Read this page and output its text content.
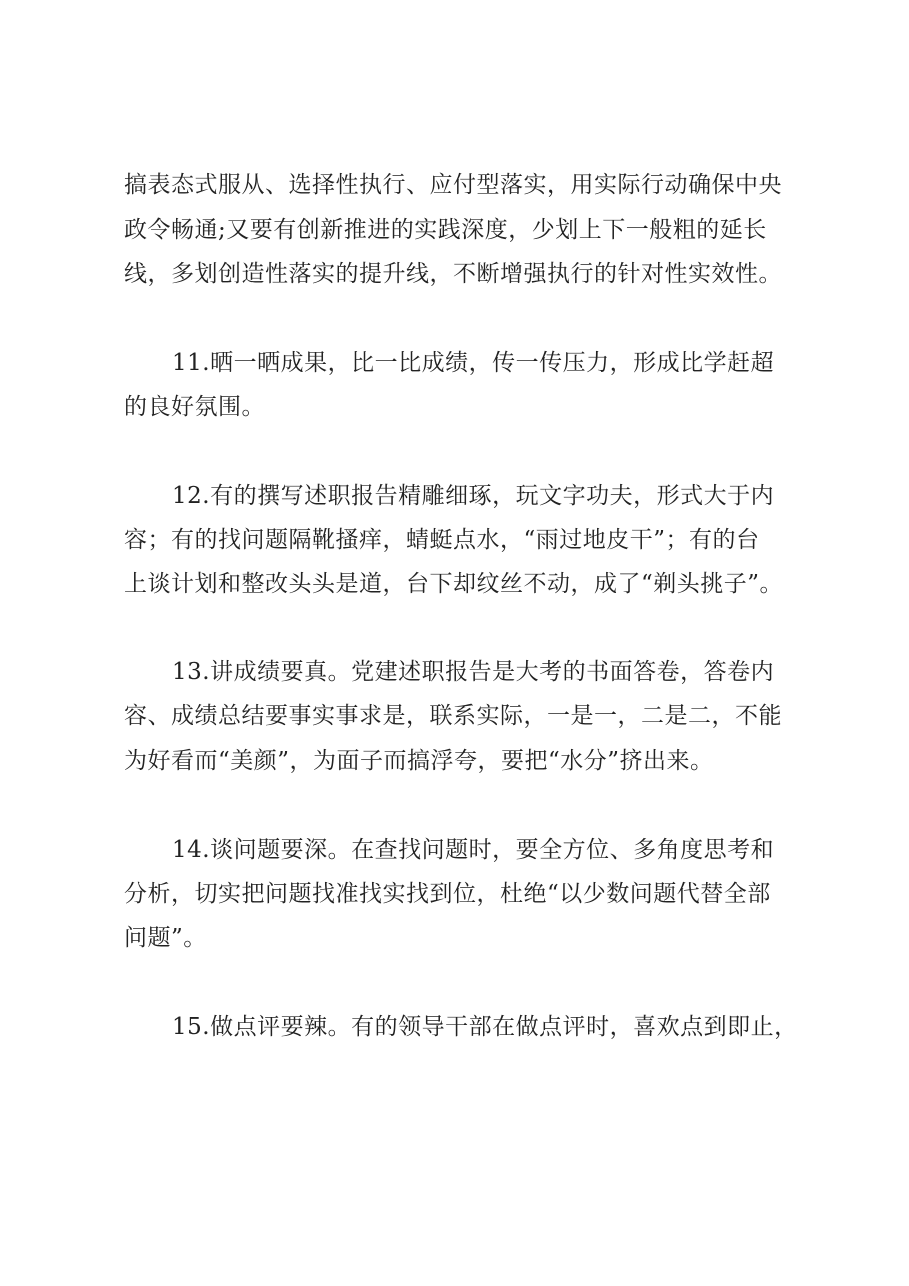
搞表态式服从、选择性执行、应付型落实，用实际行动确保中央
政令畅通;又要有创新推进的实践深度，少划上下一般粗的延长
线，多划创造性落实的提升线，不断增强执行的针对性实效性。
11.晒一晒成果，比一比成绩，传一传压力，形成比学赶超
的良好氛围。
12.有的撰写述职报告精雕细琢，玩文字功夫，形式大于内
容；有的找问题隔靴搔痒，蜻蜓点水，“雨过地皮干”；有的台
上谈计划和整改头头是道，台下却纹丝不动，成了“剃头挑子”。
13.讲成绩要真。党建述职报告是大考的书面答卷，答卷内
容、成绩总结要事实事求是，联系实际，一是一，二是二，不能
为好看而“美颜”，为面子而搞浮夸，要把“水分”挤出来。
14.谈问题要深。在查找问题时，要全方位、多角度思考和
分析，切实把问题找准找实找到位，杜绝“以少数问题代替全部
问题”。
15.做点评要辣。有的领导干部在做点评时，喜欢点到即止，
